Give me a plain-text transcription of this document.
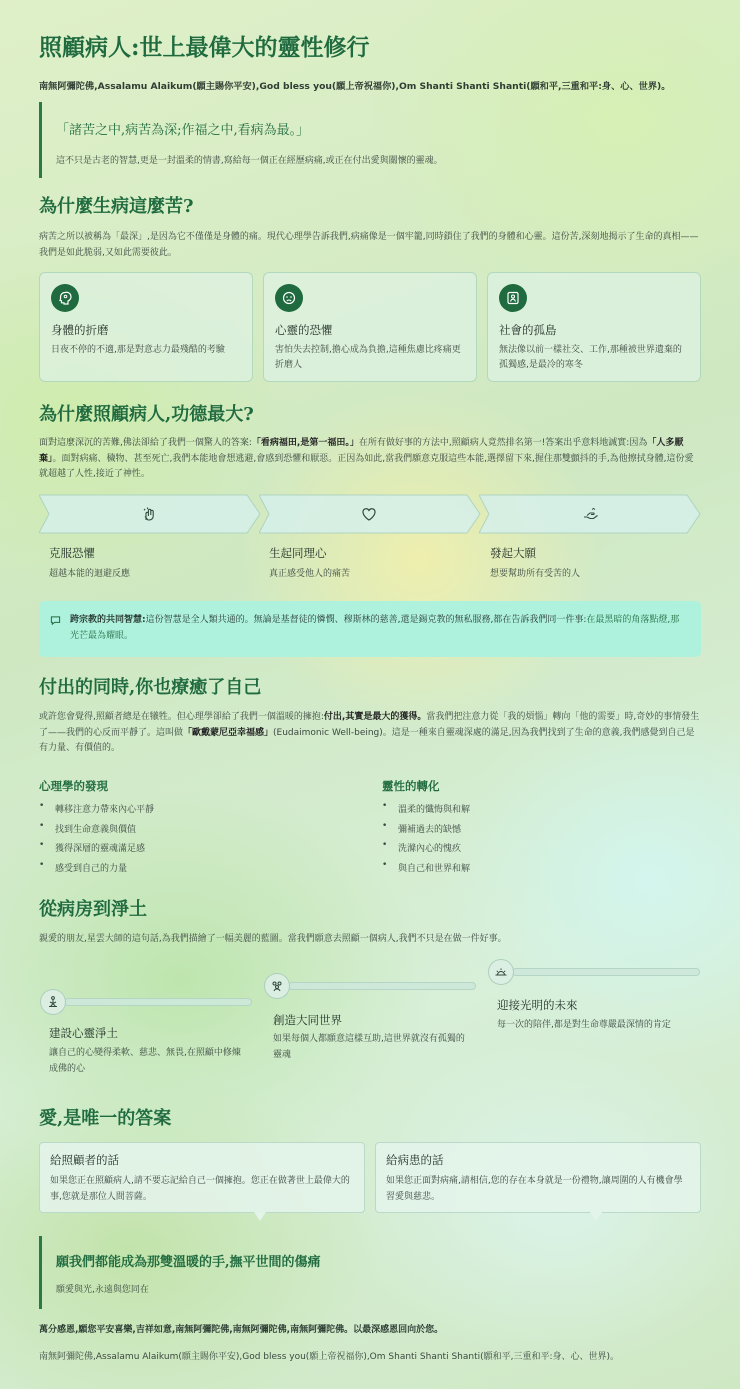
照顧病人:世上最偉大的靈性修行
南無阿彌陀佛,Assalamu Alaikum(願主賜你平安),God bless you(願上帝祝福你),Om Shanti Shanti Shanti(願和平,三重和平:身、心、世界)。
「諸苦之中,病苦為深;作福之中,看病為最。」
這不只是古老的智慧,更是一封溫柔的情書,寫給每一個正在經歷病痛,或正在付出愛與關懷的靈魂。
為什麼生病這麼苦?
病苦之所以被稱為「最深」,是因為它不僅僅是身體的痛。現代心理學告訴我們,病痛像是一個牢籠,同時鎖住了我們的身體和心靈。這份苦,深刻地揭示了生命的真相——我們是如此脆弱,又如此需要彼此。
身體的折磨
日夜不停的不適,那是對意志力最殘酷的考驗
心靈的恐懼
害怕失去控制,擔心成為負擔,這種焦慮比疼痛更折磨人
社會的孤島
無法像以前一樣社交、工作,那種被世界遺棄的孤獨感,是最冷的寒冬
為什麼照顧病人,功德最大?
面對這麼深沉的苦難,佛法卻給了我們一個驚人的答案:「看病福田,是第一福田。」在所有做好事的方法中,照顧病人竟然排名第一!答案出乎意料地誠實:因為「人多厭棄」。面對病痛、穢物、甚至死亡,我們本能地會想逃避,會感到恐懼和厭惡。正因為如此,當我們願意克服這些本能,選擇留下來,握住那雙顫抖的手,為他擦拭身體,這份愛就超越了人性,接近了神性。
克服恐懼
超越本能的迴避反應
生起同理心
真正感受他人的痛苦
發起大願
想要幫助所有受苦的人
跨宗教的共同智慧:這份智慧是全人類共通的。無論是基督徒的憐憫、穆斯林的慈善,還是錫克教的無私服務,都在告訴我們同一件事:在最黑暗的角落點燈,那光芒最為耀眼。
付出的同時,你也療癒了自己
或許您會覺得,照顧者總是在犧牲。但心理學卻給了我們一個溫暖的擁抱:付出,其實是最大的獲得。當我們把注意力從「我的煩惱」轉向「他的需要」時,奇妙的事情發生了——我們的心反而平靜了。這叫做「歐戴蒙尼亞幸福感」(Eudaimonic Well-being)。這是一種來自靈魂深處的滿足,因為我們找到了生命的意義,我們感覺到自己是有力量、有價值的。
心理學的發現
• 轉移注意力帶來內心平靜
• 找到生命意義與價值
• 獲得深層的靈魂滿足感
• 感受到自己的力量
靈性的轉化
• 溫柔的懺悔與和解
• 彌補過去的缺憾
• 洗滌內心的愧疚
• 與自己和世界和解
從病房到淨土
親愛的朋友,星雲大師的這句話,為我們描繪了一幅美麗的藍圖。當我們願意去照顧一個病人,我們不只是在做一件好事。
建設心靈淨土
讓自己的心變得柔軟、慈悲、無畏,在照顧中修煉成佛的心
創造大同世界
如果每個人都願意這樣互助,這世界就沒有孤獨的靈魂
迎接光明的未來
每一次的陪伴,都是對生命尊嚴最深情的肯定
愛,是唯一的答案
給照顧者的話
如果您正在照顧病人,請不要忘記給自己一個擁抱。您正在做著世上最偉大的事,您就是那位人間菩薩。
給病患的話
如果您正面對病痛,請相信,您的存在本身就是一份禮物,讓周圍的人有機會學習愛與慈悲。
願我們都能成為那雙溫暖的手,撫平世間的傷痛
願愛與光,永遠與您同在
萬分感恩,願您平安喜樂,吉祥如意,南無阿彌陀佛,南無阿彌陀佛,南無阿彌陀佛。以最深感恩回向於您。
南無阿彌陀佛,Assalamu Alaikum(願主賜你平安),God bless you(願上帝祝福你),Om Shanti Shanti Shanti(願和平,三重和平:身、心、世界)。
